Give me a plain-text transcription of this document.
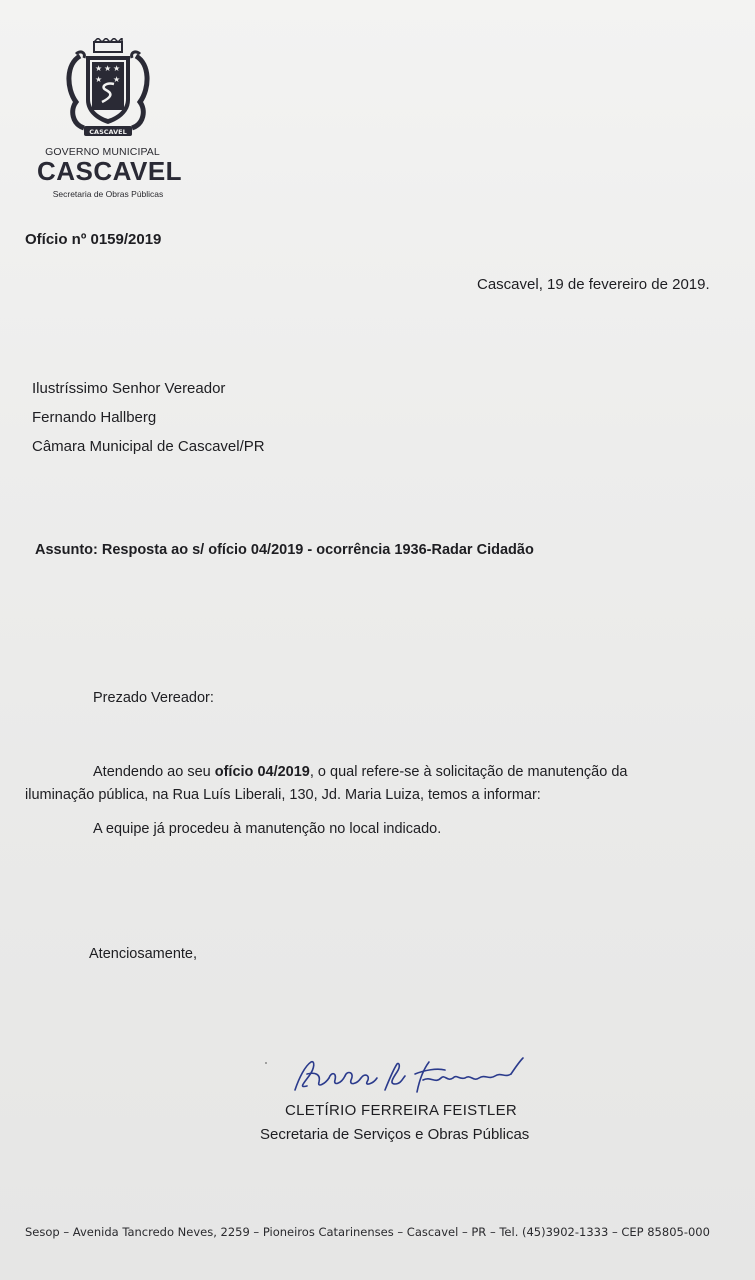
★ ★ ★
★ ★
CASCAVEL
GOVERNO MUNICIPAL
CASCAVEL
Secretaria de Obras Públicas
Ofício nº 0159/2019
Cascavel, 19 de fevereiro de 2019.
Ilustríssimo Senhor Vereador
Fernando Hallberg
Câmara Municipal de Cascavel/PR
Assunto: Resposta ao s/ ofício 04/2019 - ocorrência 1936-Radar Cidadão
Prezado Vereador:
Atendendo ao seu ofício 04/2019, o qual refere-se à solicitação de manutenção da
iluminação pública, na Rua Luís Liberali, 130, Jd. Maria Luiza, temos a informar:
A equipe já procedeu à manutenção no local indicado.
Atenciosamente,
CLETÍRIO FERREIRA FEISTLER
Secretaria de Serviços e Obras Públicas
Sesop – Avenida Tancredo Neves, 2259 – Pioneiros Catarinenses – Cascavel – PR – Tel. (45)3902-1333 – CEP 85805-000
